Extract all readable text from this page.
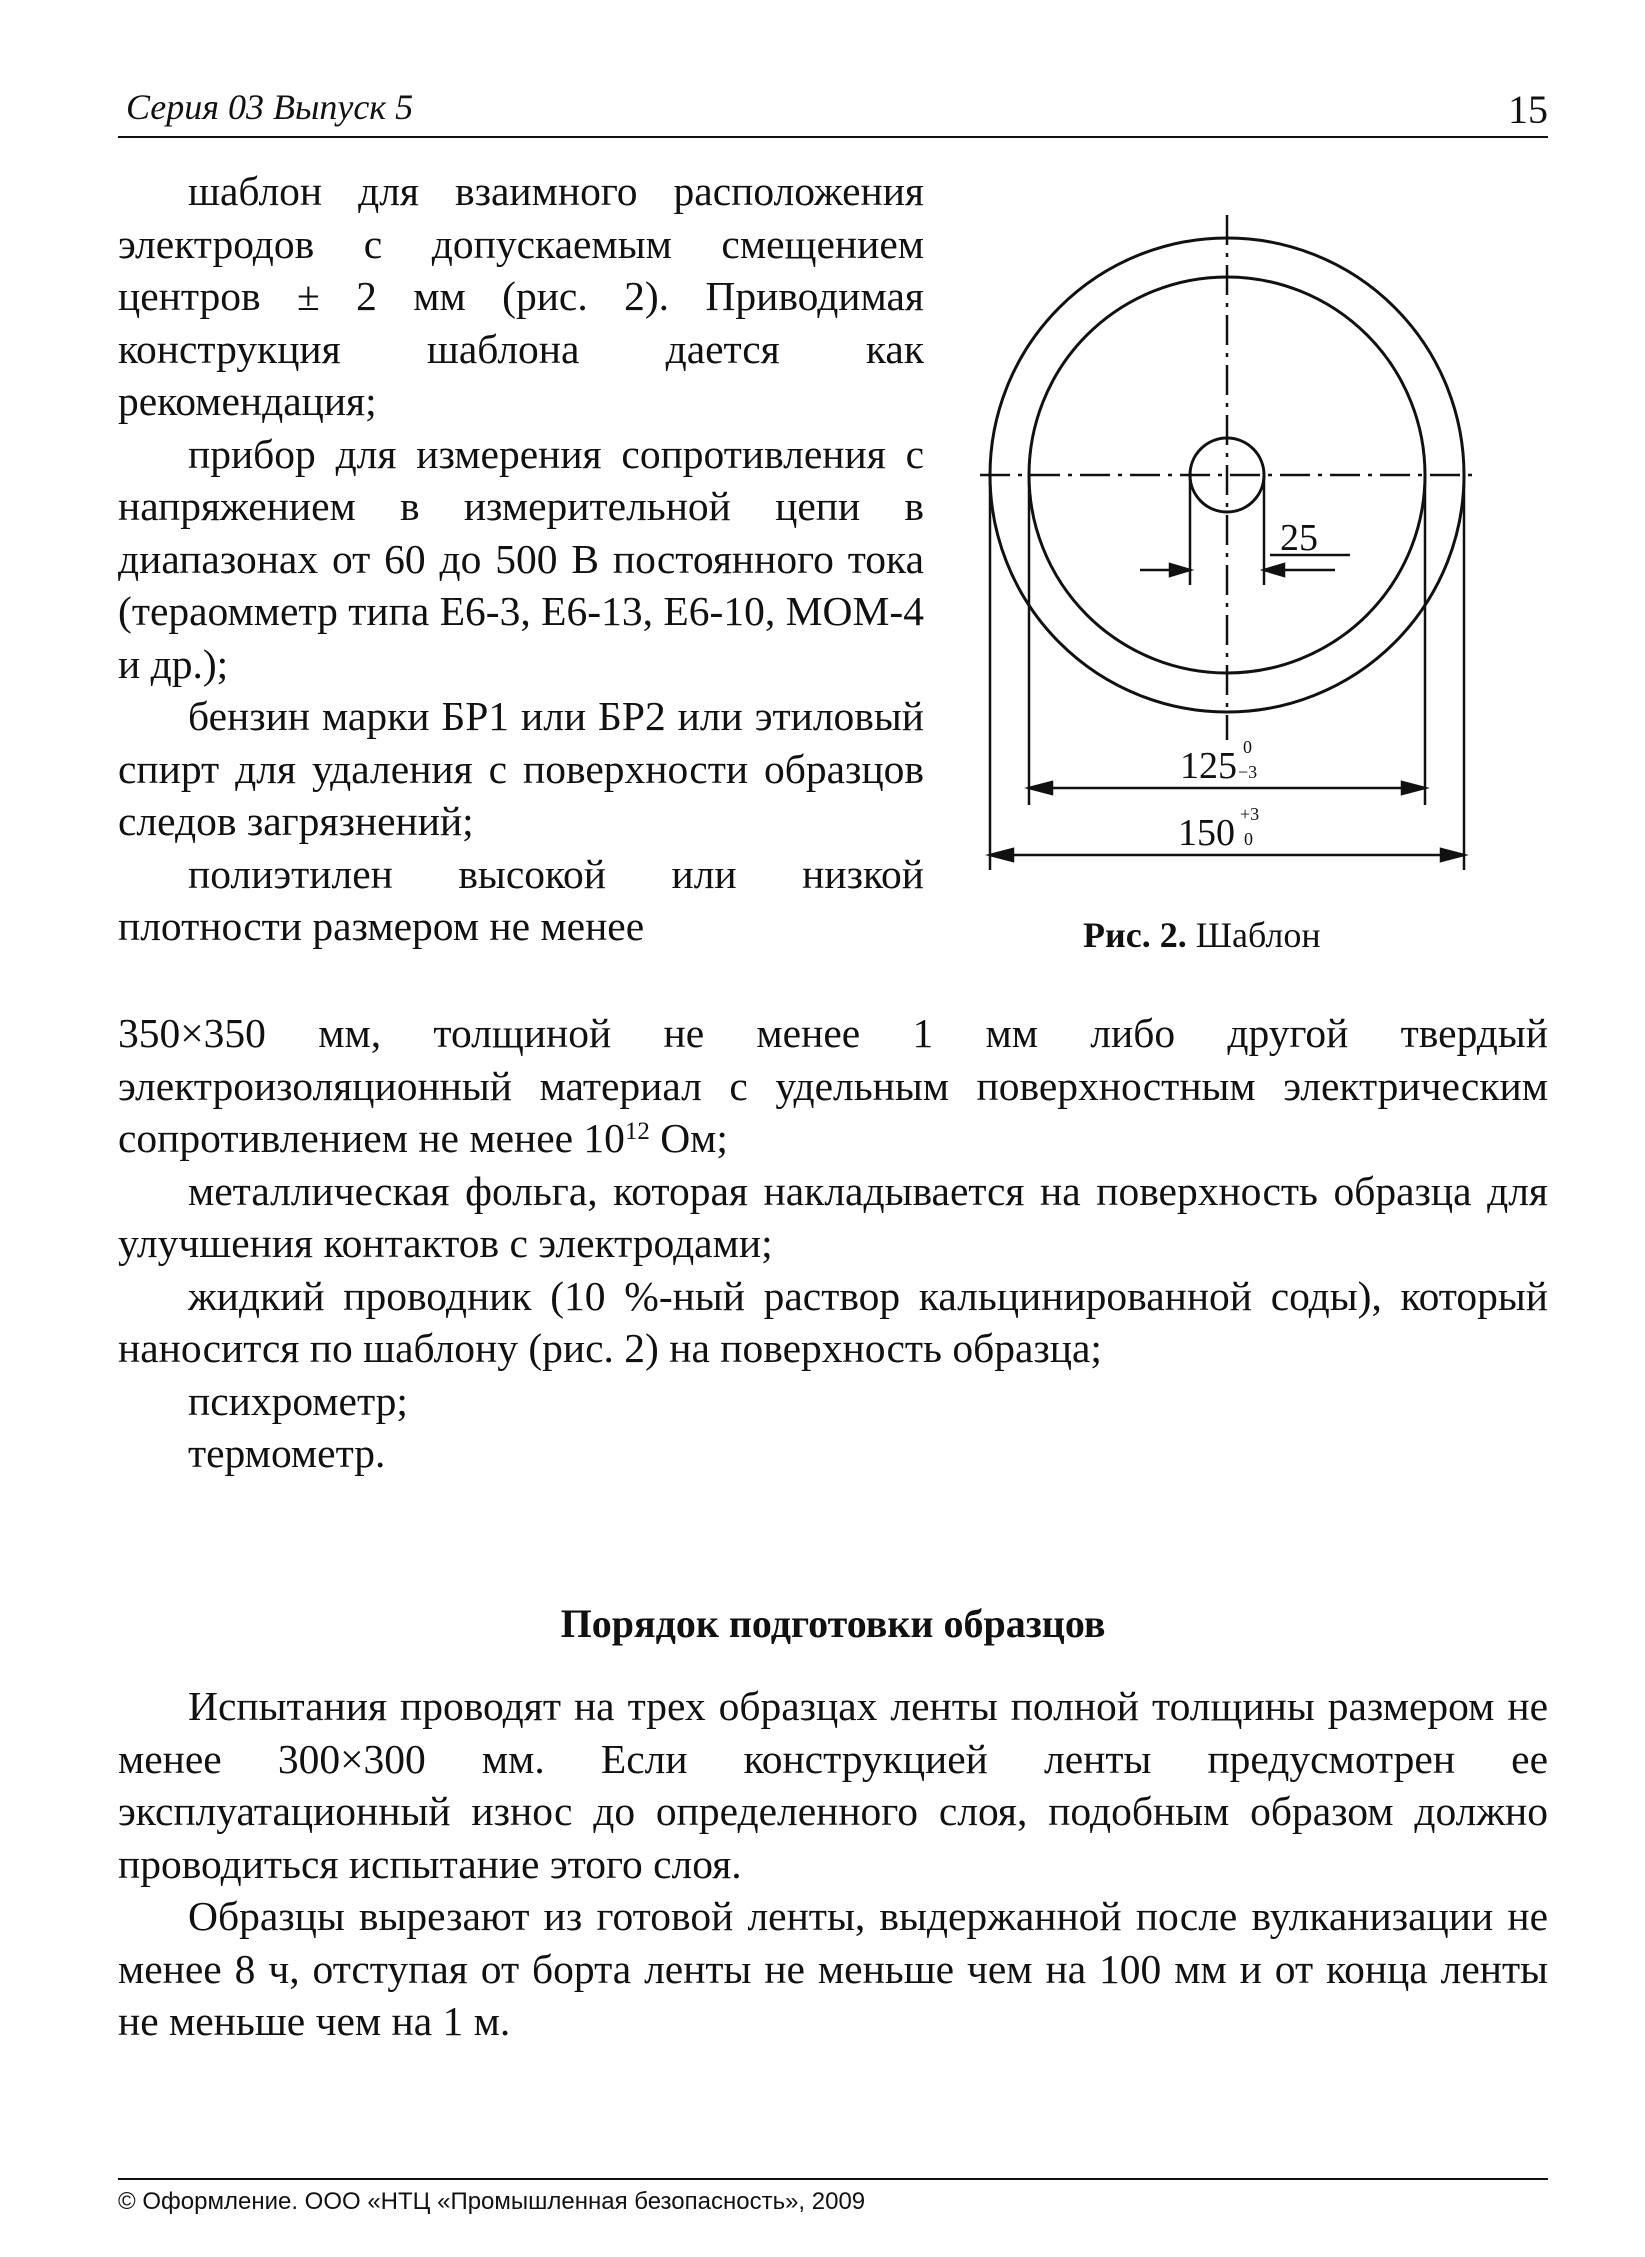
Серия 03 Выпуск 5	15

шаблон для взаимного расположения электродов с допускаемым смещением центров ± 2 мм (рис. 2). Приводимая конструкция шаблона дается как рекомендация;

прибор для измерения сопротивления с напряжением в измерительной цепи в диапазонах от 60 до 500 В постоянного тока (тераомметр типа Е6-3, Е6-13, Е6-10, МОМ-4 и др.);

бензин марки БР1 или БР2 или этиловый спирт для удаления с поверхности образцов следов загрязнений;

полиэтилен высокой или низкой плотности размером не менее

25
125 0
−3
150 +3
0
Рис. 2. Шаблон

350×350 мм, толщиной не менее 1 мм либо другой твердый электроизоляционный материал с удельным поверхностным электрическим сопротивлением не менее $10^{12}$ Ом;

металлическая фольга, которая накладывается на поверхность образца для улучшения контактов с электродами;

жидкий проводник (10 %-ный раствор кальцинированной соды), который наносится по шаблону (рис. 2) на поверхность образца;

психрометр;

термометр.

Порядок подготовки образцов

Испытания проводят на трех образцах ленты полной толщины размером не менее 300×300 мм. Если конструкцией ленты предусмотрен ее эксплуатационный износ до определенного слоя, подобным образом должно проводиться испытание этого слоя.

Образцы вырезают из готовой ленты, выдержанной после вулканизации не менее 8 ч, отступая от борта ленты не меньше чем на 100 мм и от конца ленты не меньше чем на 1 м.

© Оформление. ООО «НТЦ «Промышленная безопасность», 2009
